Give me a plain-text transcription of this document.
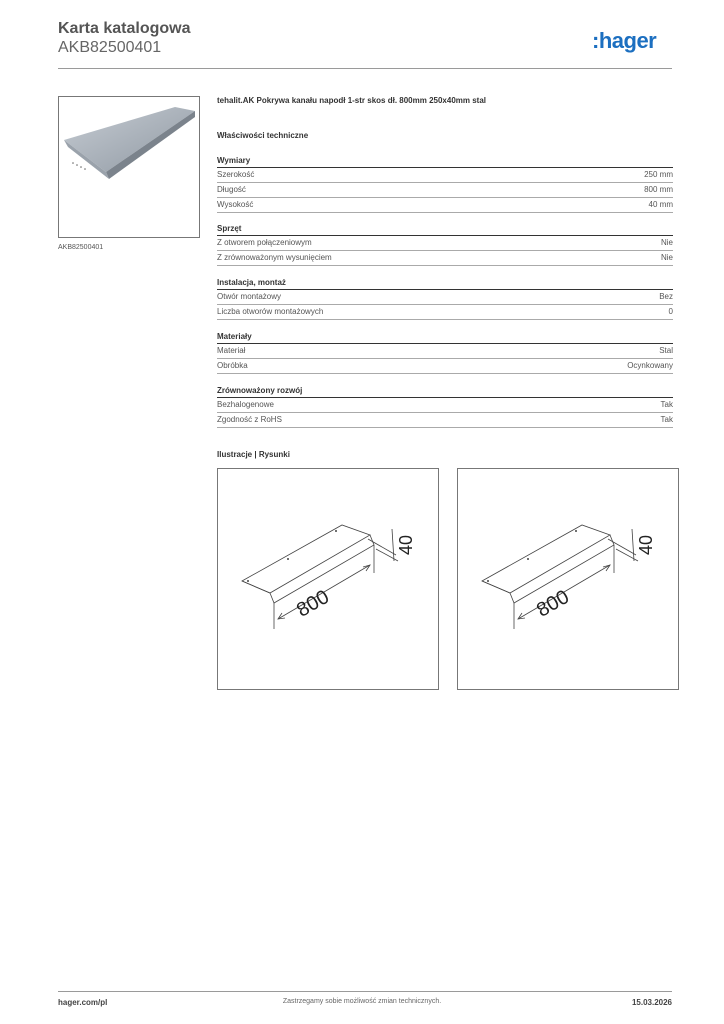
Karta katalogowa
AKB82500401	:hager
AKB82500401
tehalit.AK Pokrywa kanału napodł 1-str skos dł. 800mm 250x40mm stal
Właściwości techniczne
Wymiary
Szerokość	250 mm
Długość	800 mm
Wysokość	40 mm
Sprzęt
Z otworem połączeniowym	Nie
Z zrównoważonym wysunięciem	Nie
Instalacja, montaż
Otwór montażowy	Bez
Liczba otworów montażowych	0
Materiały
Materiał	Stal
Obróbka	Ocynkowany
Zrównoważony rozwój
Bezhalogenowe	Tak
Zgodność z RoHS	Tak
Ilustracje | Rysunki
800
40
800
40
hager.com/pl	Zastrzegamy sobie możliwość zmian technicznych.	15.03.2026
